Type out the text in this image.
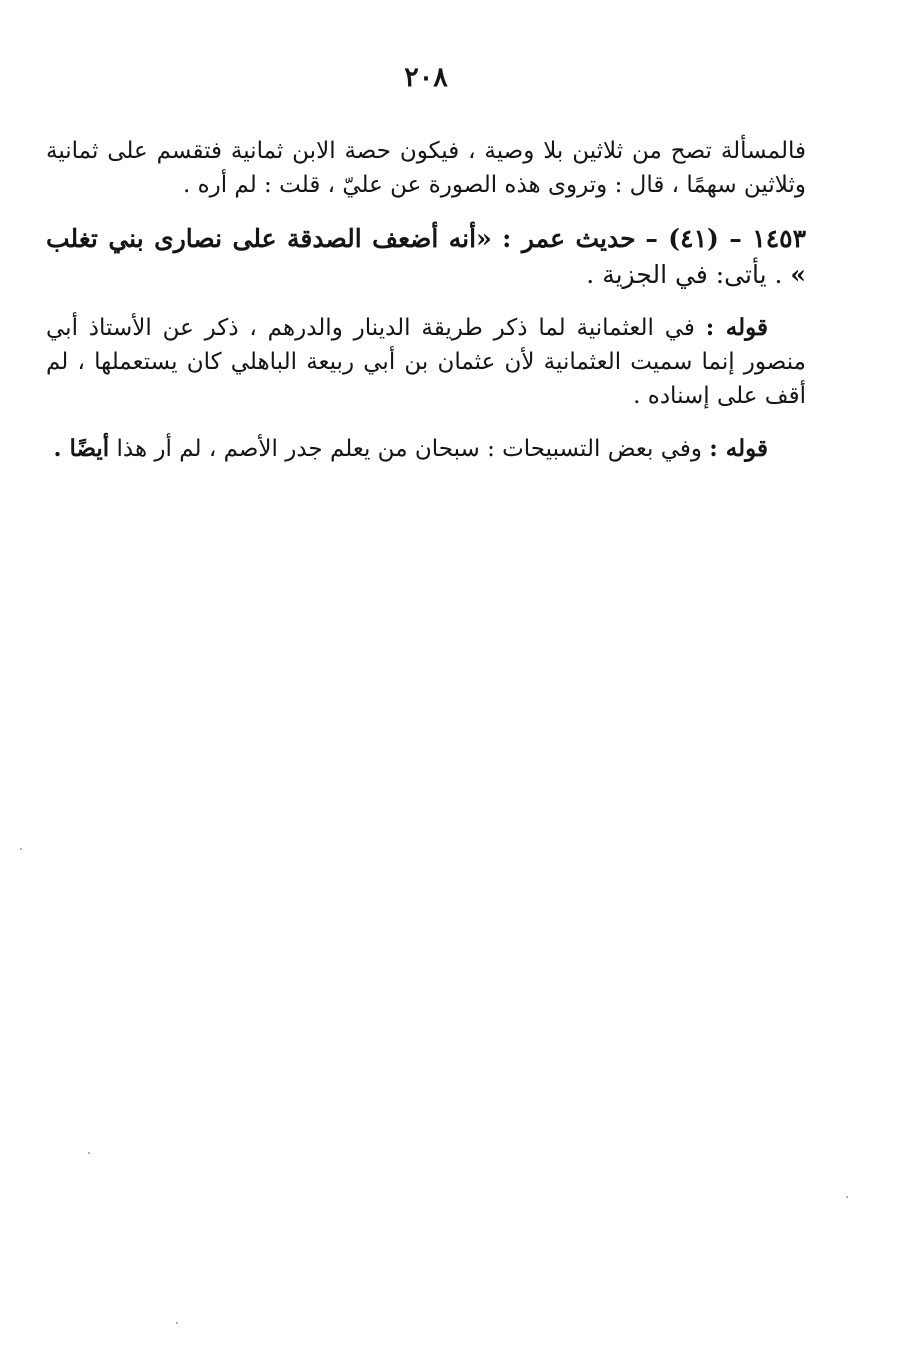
٢٠٨

فالمسألة تصح من ثلاثين بلا وصية ، فيكون حصة الابن ثمانية فتقسم على ثمانية وثلاثين سهمًا ، قال : وتروى هذه الصورة عن عليّ ، قلت : لم أره .

١٤٥٣ – (٤١) – حديث عمر : «أنه أضعف الصدقة على نصارى بني تغلب » . يأتى: في الجزية .

قوله : في العثمانية لما ذكر طريقة الدينار والدرهم ، ذكر عن الأستاذ أبي منصور إنما سميت العثمانية لأن عثمان بن أبي ربيعة الباهلي كان يستعملها ، لم أقف على إسناده .

قوله : وفي بعض التسبيحات : سبحان من يعلم جدر الأصم ، لم أر هذا أيضًا .
